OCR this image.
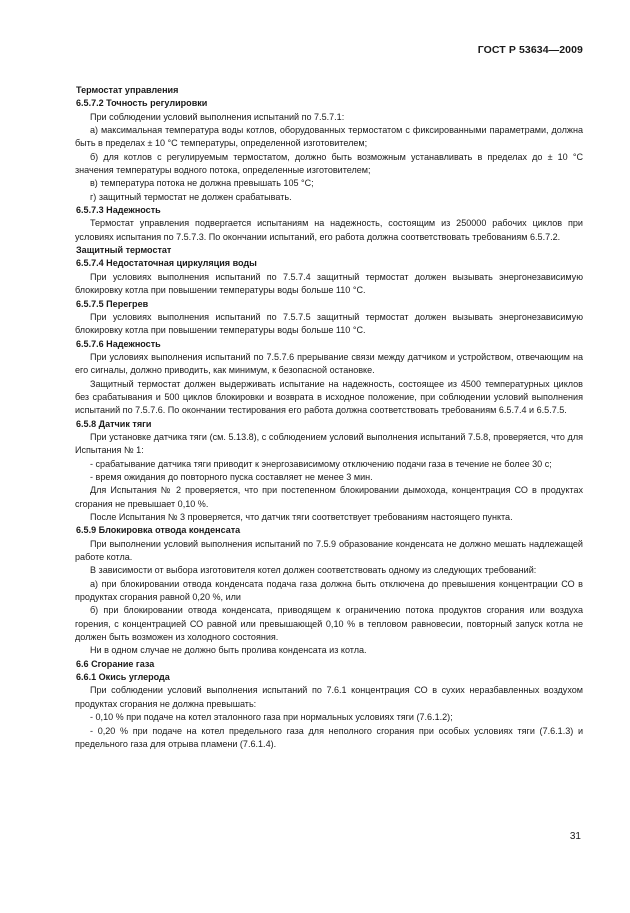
ГОСТ Р 53634—2009

Термостат управления

6.5.7.2 Точность регулировки

При соблюдении условий выполнения испытаний по 7.5.7.1:

а) максимальная температура воды котлов, оборудованных термостатом с фиксированными параметрами, должна быть в пределах ± 10 °С температуры, определенной изготовителем;

б) для котлов с регулируемым термостатом, должно быть возможным устанавливать в пределах до ± 10 °С значения температуры водного потока, определенные изготовителем;

в) температура потока не должна превышать 105 °С;

г) защитный термостат не должен срабатывать.

6.5.7.3 Надежность

Термостат управления подвергается испытаниям на надежность, состоящим из 250000 рабочих циклов при условиях испытания по 7.5.7.3. По окончании испытаний, его работа должна соответствовать требованиям 6.5.7.2.

Защитный термостат

6.5.7.4 Недостаточная циркуляция воды

При условиях выполнения испытаний по 7.5.7.4 защитный термостат должен вызывать энергонезависимую блокировку котла при повышении температуры воды больше 110 °С.

6.5.7.5 Перегрев

При условиях выполнения испытаний по 7.5.7.5 защитный термостат должен вызывать энергонезависимую блокировку котла при повышении температуры воды больше 110 °С.

6.5.7.6 Надежность

При условиях выполнения испытаний по 7.5.7.6 прерывание связи между датчиком и устройством, отвечающим на его сигналы, должно приводить, как минимум, к безопасной остановке.

Защитный термостат должен выдерживать испытание на надежность, состоящее из 4500 температурных циклов без срабатывания и 500 циклов блокировки и возврата в исходное положение, при соблюдении условий выполнения испытаний по 7.5.7.6. По окончании тестирования его работа должна соответствовать требованиям 6.5.7.4 и 6.5.7.5.

6.5.8 Датчик тяги

При установке датчика тяги (см. 5.13.8), с соблюдением условий выполнения испытаний 7.5.8, проверяется, что для Испытания № 1:

- срабатывание датчика тяги приводит к энергозависимому отключению подачи газа в течение не более 30 с;

- время ожидания до повторного пуска составляет не менее 3 мин.

Для Испытания № 2 проверяется, что при постепенном блокировании дымохода, концентрация СО в продуктах сгорания не превышает 0,10 %.

После Испытания № 3 проверяется, что датчик тяги соответствует требованиям настоящего пункта.

6.5.9 Блокировка отвода конденсата

При выполнении условий выполнения испытаний по 7.5.9 образование конденсата не должно мешать надлежащей работе котла.

В зависимости от выбора изготовителя котел должен соответствовать одному из следующих требований:

а) при блокировании отвода конденсата подача газа должна быть отключена до превышения концентрации СО в продуктах сгорания равной 0,20 %, или

б) при блокировании отвода конденсата, приводящем к ограничению потока продуктов сгорания или воздуха горения, с концентрацией СО равной или превышающей 0,10 % в тепловом равновесии, повторный запуск котла не должен быть возможен из холодного состояния.

Ни в одном случае не должно быть пролива конденсата из котла.

6.6 Сгорание газа

6.6.1 Окись углерода

При соблюдении условий выполнения испытаний по 7.6.1 концентрация СО в сухих неразбавленных воздухом продуктах сгорания не должна превышать:

- 0,10 % при подаче на котел эталонного газа при нормальных условиях тяги (7.6.1.2);

- 0,20 % при подаче на котел предельного газа для неполного сгорания при особых условиях тяги (7.6.1.3) и предельного газа для отрыва пламени (7.6.1.4).

31
